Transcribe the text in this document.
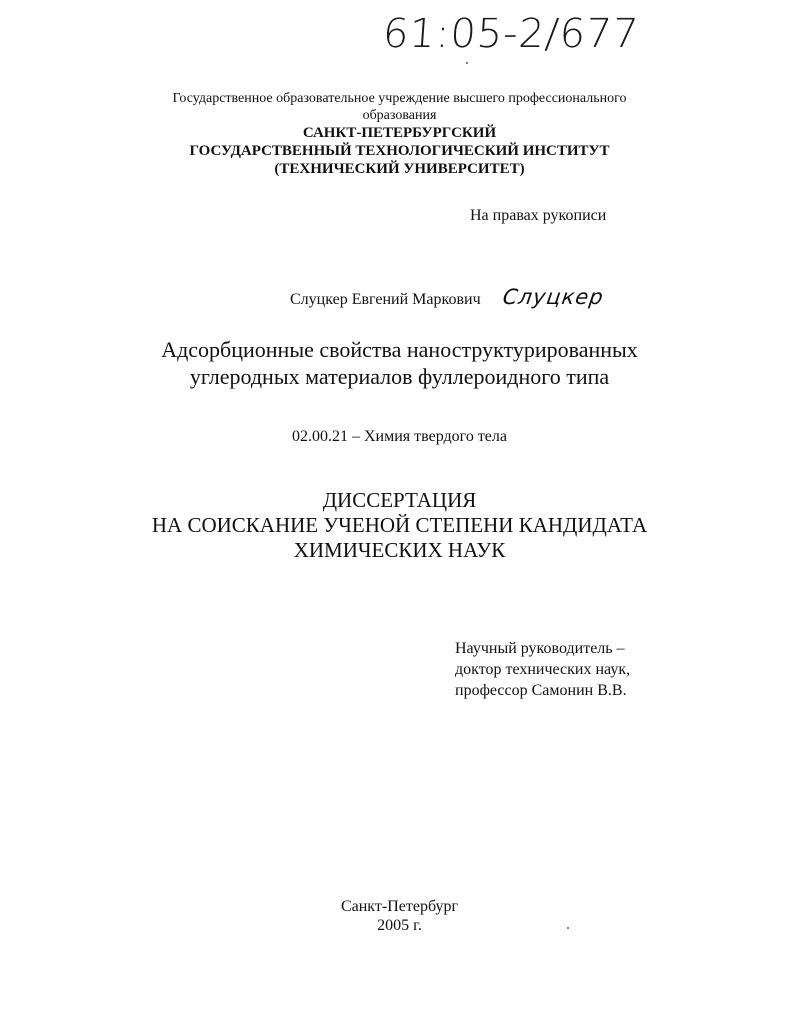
61:05-2/677
Государственное образовательное учреждение высшего профессионального
образования
САНКТ-ПЕТЕРБУРГСКИЙ
ГОСУДАРСТВЕННЫЙ ТЕХНОЛОГИЧЕСКИЙ ИНСТИТУТ
(ТЕХНИЧЕСКИЙ УНИВЕРСИТЕТ)
На правах рукописи
Слуцкер Евгений Маркович Слуцкер
Адсорбционные свойства наноструктурированных
углеродных материалов фуллероидного типа
02.00.21 – Химия твердого тела
ДИССЕРТАЦИЯ
НА СОИСКАНИЕ УЧЕНОЙ СТЕПЕНИ КАНДИДАТА
ХИМИЧЕСКИХ НАУК
Научный руководитель –
доктор технических наук,
профессор Самонин В.В.
Санкт-Петербург
2005 г.
